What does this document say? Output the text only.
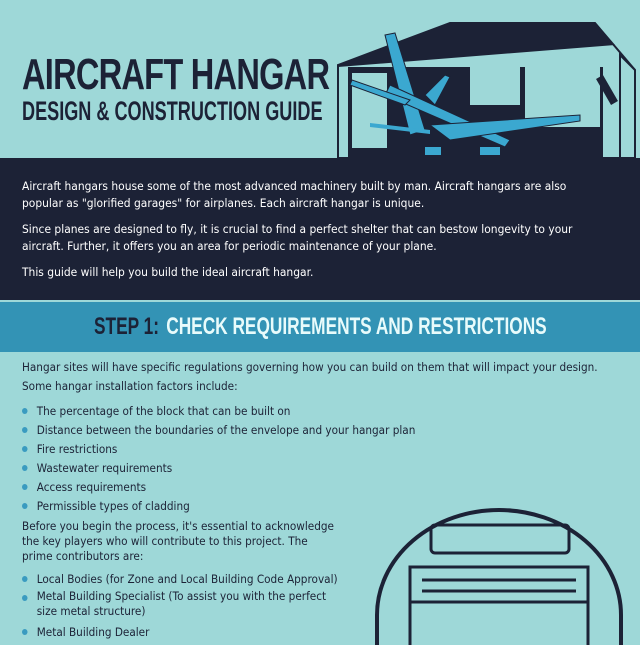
AIRCRAFT HANGAR
DESIGN & CONSTRUCTION GUIDE

Aircraft hangars house some of the most advanced machinery built by man. Aircraft hangars are also
popular as "glorified garages" for airplanes. Each aircraft hangar is unique.

Since planes are designed to fly, it is crucial to find a perfect shelter that can bestow longevity to your
aircraft. Further, it offers you an area for periodic maintenance of your plane.

This guide will help you build the ideal aircraft hangar.

STEP 1: CHECK REQUIREMENTS AND RESTRICTIONS
Hangar sites will have specific regulations governing how you can build on them that will impact your design.
Some hangar installation factors include:
The percentage of the block that can be built on
Distance between the boundaries of the envelope and your hangar plan
Fire restrictions
Wastewater requirements
Access requirements
Permissible types of cladding
Before you begin the process, it's essential to acknowledge
the key players who will contribute to this project. The
prime contributors are:
Local Bodies (for Zone and Local Building Code Approval)
Metal Building Specialist (To assist you with the perfect
size metal structure)
Metal Building Dealer
